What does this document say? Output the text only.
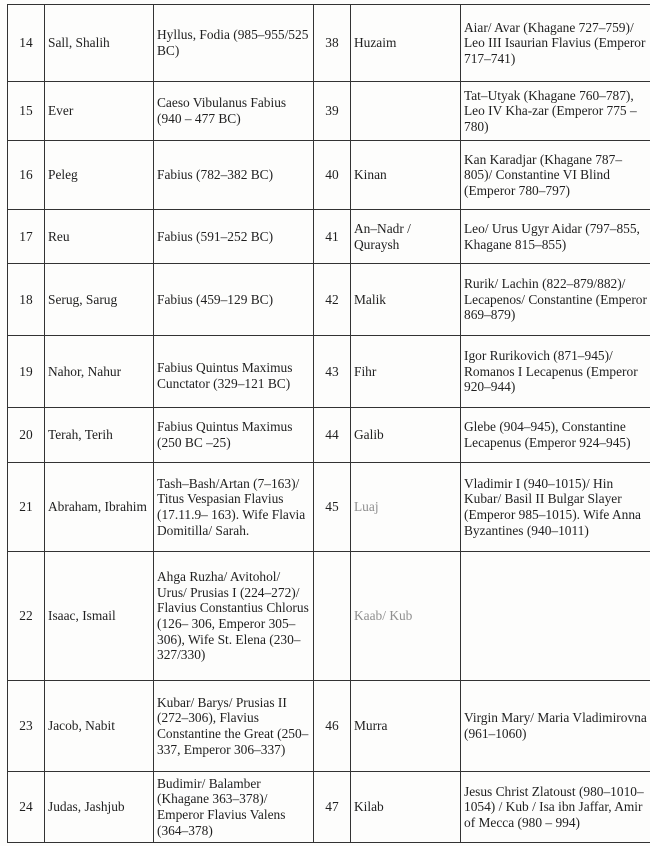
14	Sall, Shalih	Hyllus, Fodia (985–955/525 BC)	38	Huzaim	Aiar/ Avar (Khagane 727–759)/ Leo III Isaurian Flavius (Emperor 717–741)
15	Ever	Caeso Vibulanus Fabius (940 – 477 BC)	39		Tat–Utyak (Khagane 760–787), Leo IV Kha-zar (Emperor 775 – 780)
16	Peleg	Fabius (782–382 BC)	40	Kinan	Kan Karadjar (Khagane 787–805)/ Constantine VI Blind (Emperor 780–797)
17	Reu	Fabius (591–252 BC)	41	An–Nadr / Quraysh	Leo/ Urus Ugyr Aidar (797–855, Khagane 815–855)
18	Serug, Sarug	Fabius (459–129 BC)	42	Malik	Rurik/ Lachin (822–879/882)/ Lecapenos/ Constantine (Emperor 869–879)
19	Nahor, Nahur	Fabius Quintus Maximus Cunctator (329–121 BC)	43	Fihr	Igor Rurikovich (871–945)/ Romanos I Lecapenus (Emperor 920–944)
20	Terah, Terih	Fabius Quintus Maximus (250 BC –25)	44	Galib	Glebe (904–945), Constantine Lecapenus (Emperor 924–945)
21	Abraham, Ibrahim	Tash–Bash/Artan (7–163)/ Titus Vespasian Flavius (17.11.9– 163). Wife Flavia Domitilla/ Sarah.	45	Luaj	Vladimir I (940–1015)/ Hin Kubar/ Basil II Bulgar Slayer (Emperor 985–1015). Wife Anna Byzantines (940–1011)
22	Isaac, Ismail	Ahga Ruzha/ Avitohol/ Urus/ Prusias I (224–272)/ Flavius Constantius Chlorus (126– 306, Emperor 305–306), Wife St. Elena (230–327/330)		Kaab/ Kub	
23	Jacob, Nabit	Kubar/ Barys/ Prusias II (272–306), Flavius Constantine the Great (250–337, Emperor 306–337)	46	Murra	Virgin Mary/ Maria Vladimirovna (961–1060)
24	Judas, Jashjub	Budimir/ Balamber (Khagane 363–378)/ Emperor Flavius Valens (364–378)	47	Kilab	Jesus Christ Zlatoust (980–1010–1054) / Kub / Isa ibn Jaffar, Amir of Mecca (980 – 994)
